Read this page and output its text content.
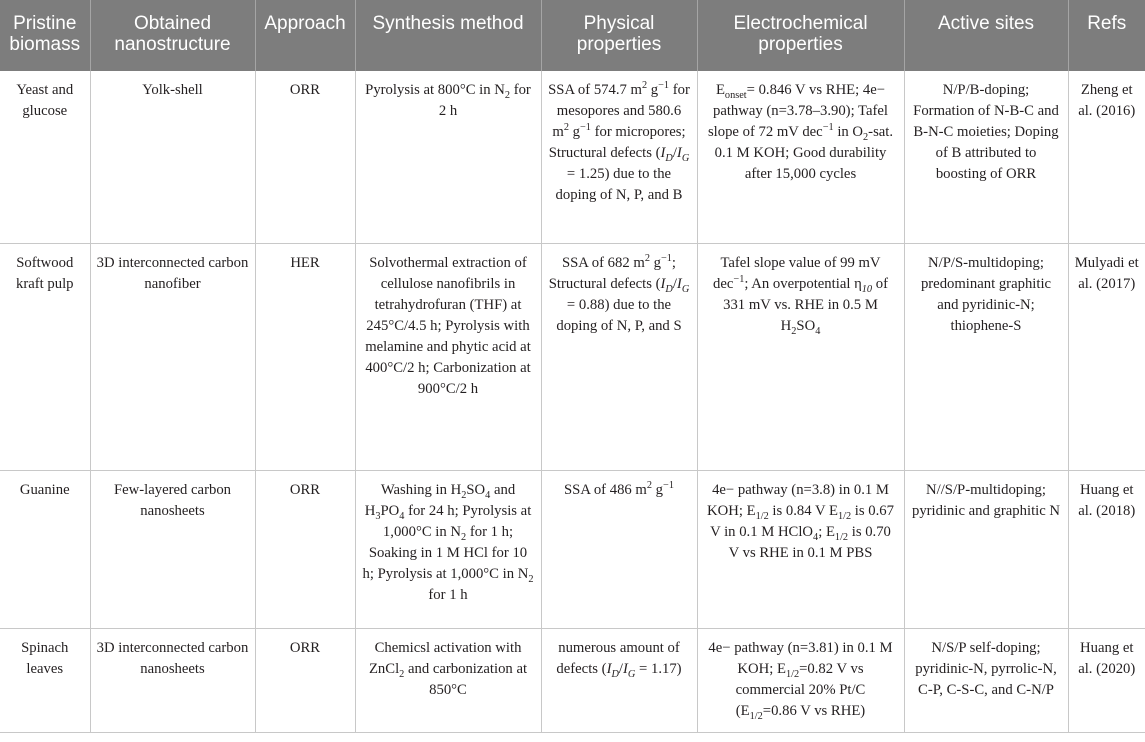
Pristine biomass	Obtained nanostructure	Approach	Synthesis method	Physical properties	Electrochemical properties	Active sites	Refs
Yeast and glucose	Yolk-shell	ORR	Pyrolysis at 800°C in $N_2$ for 2 h	SSA of 574.7 $m^2$ $g^{-1}$ for mesopores and 580.6 $m^2$ $g^{-1}$ for micropores; Structural defects $(I_D/I_G = 1.25)$ due to the doping of N, P, and B	$E_{onset}= 0.846$ V vs RHE; 4e− pathway (n=3.78–3.90); Tafel slope of 72 mV dec$^{-1}$ in $O_2$-sat. 0.1 M KOH; Good durability after 15,000 cycles	N/P/B-doping; Formation of N-B-C and B-N-C moieties; Doping of B attributed to boosting of ORR	Zheng et al. (2016)
Softwood kraft pulp	3D interconnected carbon nanofiber	HER	Solvothermal extraction of cellulose nanofibrils in tetrahydrofuran (THF) at 245°C/4.5 h; Pyrolysis with melamine and phytic acid at 400°C/2 h; Carbonization at 900°C/2 h	SSA of 682 $m^2$ $g^{-1}$; Structural defects $(I_D/I_G = 0.88)$ due to the doping of N, P, and S	Tafel slope value of 99 mV dec$^{-1}$; An overpotential $\eta_{10}$ of 331 mV vs. RHE in 0.5 M $H_2SO_4$	N/P/S-multidoping; predominant graphitic and pyridinic-N; thiophene-S	Mulyadi et al. (2017)
Guanine	Few-layered carbon nanosheets	ORR	Washing in $H_2SO_4$ and $H_3PO_4$ for 24 h; Pyrolysis at 1,000°C in $N_2$ for 1 h; Soaking in 1 M HCl for 10 h; Pyrolysis at 1,000°C in $N_2$ for 1 h	SSA of 486 $m^2$ $g^{-1}$	4e− pathway (n=3.8) in 0.1 M KOH; $E_{1/2}$ is 0.84 V $E_{1/2}$ is 0.67 V in 0.1 M HClO$_4$; $E_{1/2}$ is 0.70 V vs RHE in 0.1 M PBS	N//S/P-multidoping; pyridinic and graphitic N	Huang et al. (2018)
Spinach leaves	3D interconnected carbon nanosheets	ORR	Chemicsl activation with ZnCl$_2$ and carbonization at 850°C	numerous amount of defects $(I_D/I_G = 1.17)$	4e− pathway (n=3.81) in 0.1 M KOH; $E_{1/2}=0.82$ V vs commercial 20% Pt/C ($E_{1/2}=0.86$ V vs RHE)	N/S/P self-doping; pyridinic-N, pyrrolic-N, C-P, C-S-C, and C-N/P	Huang et al. (2020)
